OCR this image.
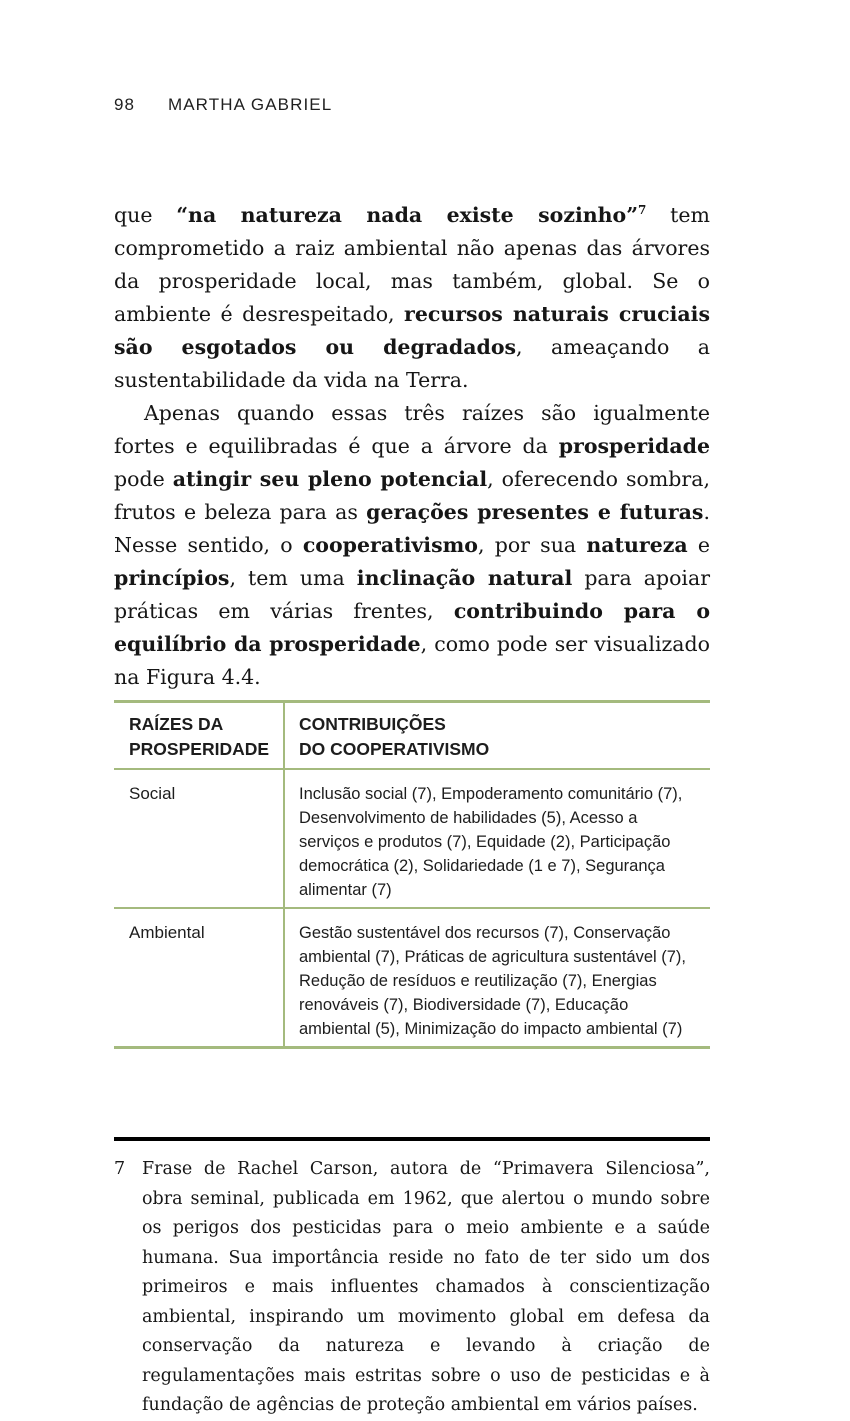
98 MARTHA GABRIEL

que “na natureza nada existe sozinho”$^7$ tem comprometido a raiz ambiental não apenas das árvores da prosperidade local, mas também, global. Se o ambiente é desrespeitado, recursos naturais cruciais são esgotados ou degradados, ameaçando a sustentabilidade da vida na Terra.

Apenas quando essas três raízes são igualmente fortes e equilibradas é que a árvore da prosperidade pode atingir seu pleno potencial, oferecendo sombra, frutos e beleza para as gerações presentes e futuras. Nesse sentido, o cooperativismo, por sua natureza e princípios, tem uma inclinação natural para apoiar práticas em várias frentes, contribuindo para o equilíbrio da prosperidade, como pode ser visualizado na Figura 4.4.

RAÍZES DA
PROSPERIDADE
CONTRIBUIÇÕES
DO COOPERATIVISMO
Social	Inclusão social (7), Empoderamento comunitário (7), Desenvolvimento de habilidades (5), Acesso a serviços e produtos (7), Equidade (2), Participação democrática (2), Solidariedade (1 e 7), Segurança alimentar (7)
Ambiental	Gestão sustentável dos recursos (7), Conservação ambiental (7), Práticas de agricultura sustentável (7), Redução de resíduos e reutilização (7), Energias renováveis (7), Biodiversidade (7), Educação ambiental (5), Minimização do impacto ambiental (7)
7 Frase de Rachel Carson, autora de “Primavera Silenciosa”, obra seminal, publicada em 1962, que alertou o mundo sobre os perigos dos pesticidas para o meio ambiente e a saúde humana. Sua importância reside no fato de ter sido um dos primeiros e mais influentes chamados à conscientização ambiental, inspirando um movimento global em defesa da conservação da natureza e levando à criação de regulamentações mais estritas sobre o uso de pesticidas e à fundação de agências de proteção ambiental em vários países.
